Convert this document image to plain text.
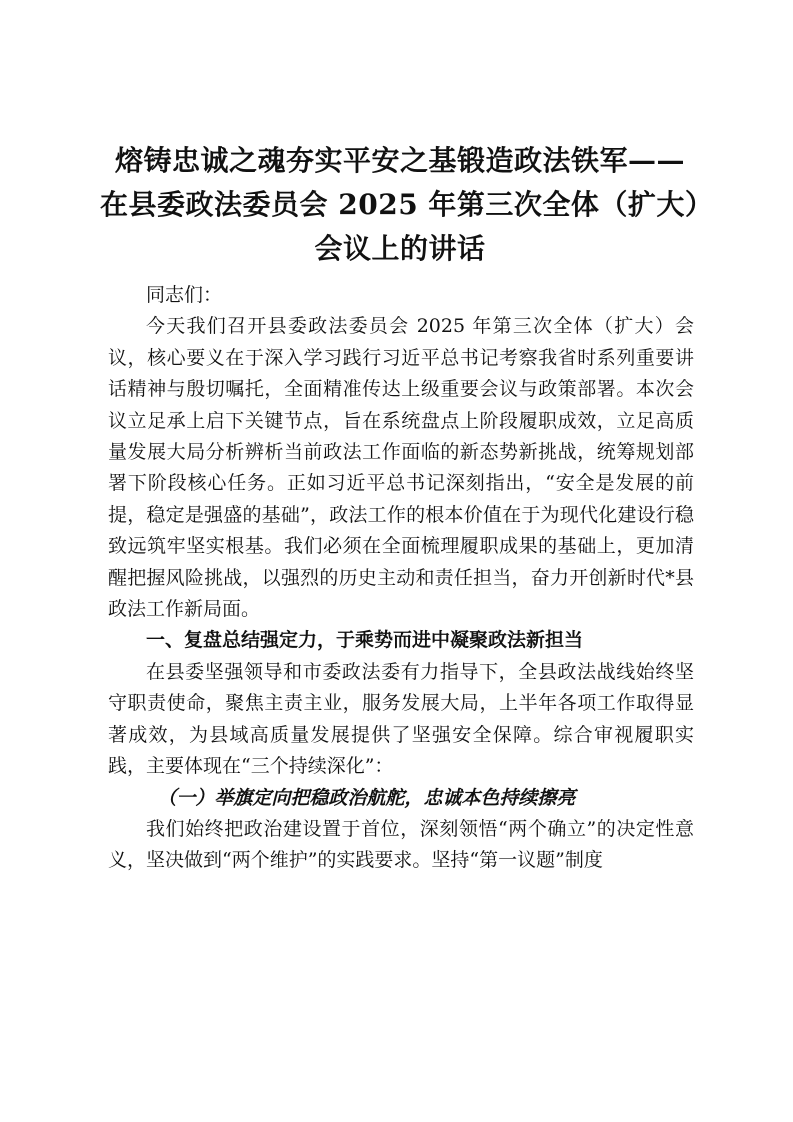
熔铸忠诚之魂夯实平安之基锻造政法铁军——
在县委政法委员会 2025 年第三次全体（扩大）
会议上的讲话

同志们：

今天我们召开县委政法委员会 2025 年第三次全体（扩大）会议，核心要义在于深入学习践行习近平总书记考察我省时系列重要讲话精神与殷切嘱托，全面精准传达上级重要会议与政策部署。本次会议立足承上启下关键节点，旨在系统盘点上阶段履职成效，立足高质量发展大局分析辨析当前政法工作面临的新态势新挑战，统筹规划部署下阶段核心任务。正如习近平总书记深刻指出，“安全是发展的前提，稳定是强盛的基础”，政法工作的根本价值在于为现代化建设行稳致远筑牢坚实根基。我们必须在全面梳理履职成果的基础上，更加清醒把握风险挑战，以强烈的历史主动和责任担当，奋力开创新时代*县政法工作新局面。

一、复盘总结强定力，于乘势而进中凝聚政法新担当

在县委坚强领导和市委政法委有力指导下，全县政法战线始终坚守职责使命，聚焦主责主业，服务发展大局，上半年各项工作取得显著成效，为县域高质量发展提供了坚强安全保障。综合审视履职实践，主要体现在“三个持续深化”：

（一）举旗定向把稳政治航舵，忠诚本色持续擦亮

我们始终把政治建设置于首位，深刻领悟“两个确立”的决定性意义，坚决做到“两个维护”的实践要求。坚持“第一议题”制度
